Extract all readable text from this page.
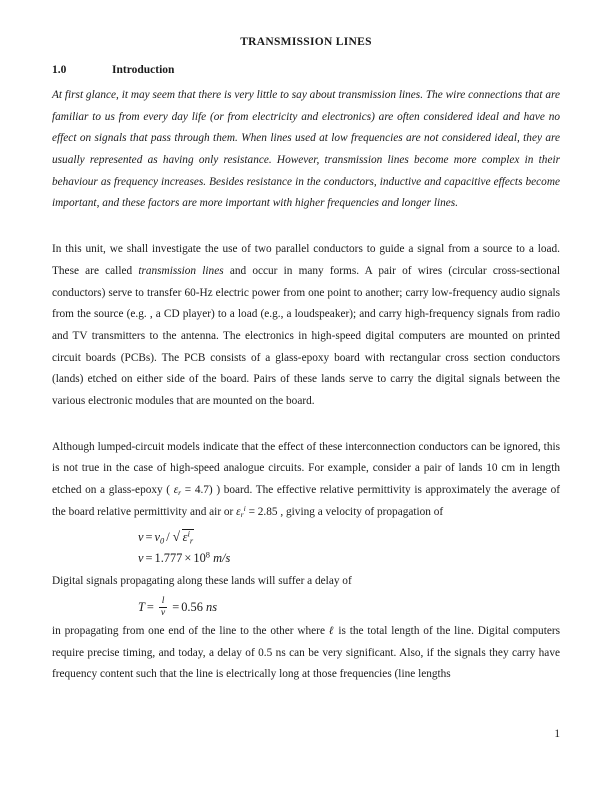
TRANSMISSION LINES
1.0	Introduction

At first glance, it may seem that there is very little to say about transmission lines. The wire connections that are familiar to us from every day life (or from electricity and electronics) are often considered ideal and have no effect on signals that pass through them. When lines used at low frequencies are not considered ideal, they are usually represented as having only resistance. However, transmission lines become more complex in their behaviour as frequency increases. Besides resistance in the conductors, inductive and capacitive effects become important, and these factors are more important with higher frequencies and longer lines.

In this unit, we shall investigate the use of two parallel conductors to guide a signal from a source to a load. These are called transmission lines and occur in many forms. A pair of wires (circular cross-sectional conductors) serve to transfer 60-Hz electric power from one point to another; carry low-frequency audio signals from the source (e.g. , a CD player) to a load (e.g., a loudspeaker); and carry high-frequency signals from radio and TV transmitters to the antenna. The electronics in high-speed digital computers are mounted on printed circuit boards (PCBs). The PCB consists of a glass-epoxy board with rectangular cross section conductors (lands) etched on either side of the board. Pairs of these lands serve to carry the digital signals between the various electronic modules that are mounted on the board.

Although lumped-circuit models indicate that the effect of these interconnection conductors can be ignored, this is not true in the case of high-speed analogue circuits. For example, consider a pair of lands 10 cm in length etched on a glass-epoxy ( $\varepsilon_r = 4.7$) ) board. The effective relative permittivity is approximately the average of the board relative permittivity and air or $\varepsilon_r^i = 2.85$ , giving a velocity of propagation of

$v = v_0$ / √ $\varepsilon^i_r$
$v = 1.777 \times 10^8$ m/s

Digital signals propagating along these lands will suffer a delay of

$T = \frac{l}{v} = 0.56$ ns

in propagating from one end of the line to the other where ℓ is the total length of the line. Digital computers require precise timing, and today, a delay of 0.5 ns can be very significant. Also, if the signals they carry have frequency content such that the line is electrically long at those frequencies (line lengths

1
